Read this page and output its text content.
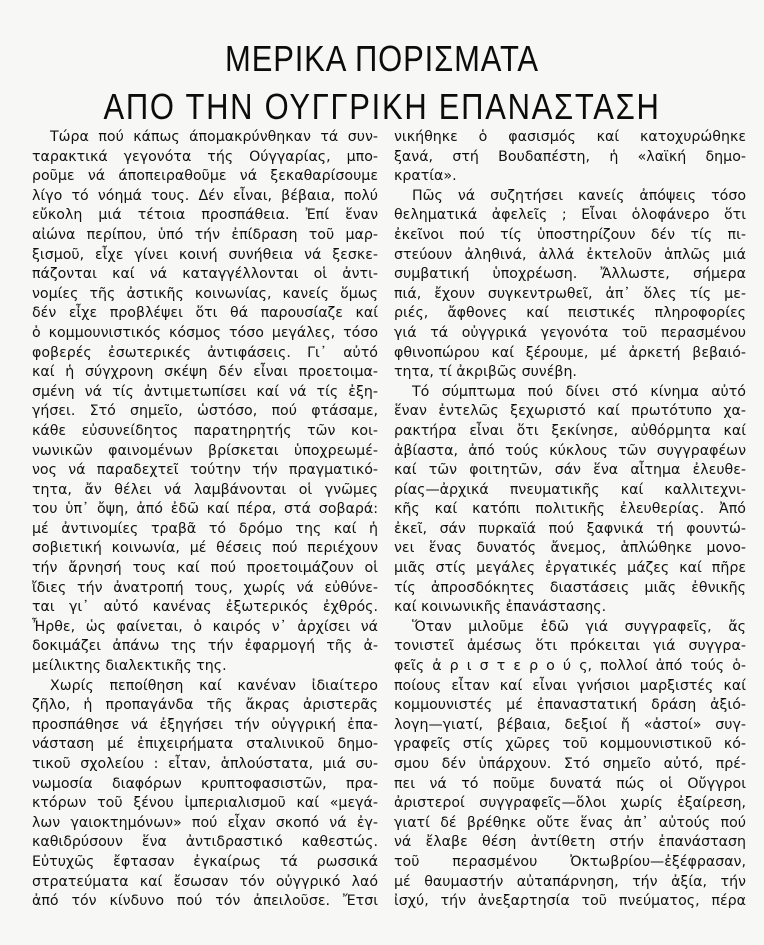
ΜΕΡΙΚΑ ΠΟΡΙΣΜΑΤΑ
ΑΠΟ ΤΗΝ ΟΥΓΓΡΙΚΗ ΕΠΑΝΑΣΤΑΣΗ
Τώρα πού κάπως άπομακρύνθηκαν τά συν-
ταρακτικά γεγονότα τής Ούγγαρίας, μπο-
ροῦμε νά άποπειραθοῦμε νά ξεκαθαρίσουμε
λίγο τό νόημά τους. Δέν εἶναι, βέβαια, πολύ
εὔκολη μιά τέτοια προσπάθεια. Ἐπί ἕναν
αἰώνα περίπου, ὑπό τήν ἐπίδραση τοῦ μαρ-
ξισμοῦ, εἶχε γίνει κοινή συνήθεια νά ξεσκε-
πάζονται καί νά καταγγέλλονται οἱ ἀντι-
νομίες τῆς ἀστικῆς κοινωνίας, κανείς ὅμως
δέν εἶχε προβλέψει ὅτι θά παρουσίαζε καί
ὁ κομμουνιστικός κόσμος τόσο μεγάλες, τόσο
φοβερές ἐσωτερικές ἀντιφάσεις. Γι᾿ αὐτό
καί ἡ σύγχρονη σκέψη δέν εἶναι προετοιμα-
σμένη νά τίς ἀντιμετωπίσει καί νά τίς ἐξη-
γήσει. Στό σημεῖο, ὡστόσο, πού φτάσαμε,
κάθε εὐσυνείδητος παρατηρητής τῶν κοι-
νωνικῶν φαινομένων βρίσκεται ὑποχρεωμέ-
νος νά παραδεχτεῖ τούτην τήν πραγματικό-
τητα, ἄν θέλει νά λαμβάνονται οἱ γνῶμες
του ὑπ᾿ ὄψη, ἀπό ἐδῶ καί πέρα, στά σοβαρά:
μέ ἀντινομίες τραβᾶ τό δρόμο της καί ἡ
σοβιετική κοινωνία, μέ θέσεις πού περιέχουν
τήν ἄρνησή τους καί πού προετοιμάζουν οἱ
ἴδιες τήν ἀνατροπή τους, χωρίς νά εὐθύνε-
ται γι᾿ αὐτό κανένας ἐξωτερικός ἐχθρός.
Ἦρθε, ὡς φαίνεται, ὁ καιρός ν᾿ ἀρχίσει νά
δοκιμάζει ἀπάνω της τήν ἐφαρμογή τῆς ἀ-
μείλικτης διαλεκτικῆς της.
Χωρίς πεποίθηση καί κανέναν ἰδιαίτερο
ζῆλο, ἡ προπαγάνδα τῆς ἄκρας ἀριστερᾶς
προσπάθησε νά ἐξηγήσει τήν οὐγγρική ἐπα-
νάσταση μέ ἐπιχειρήματα σταλινικοῦ δημο-
τικοῦ σχολείου : εἶταν, ἁπλούστατα, μιά συ-
νωμοσία διαφόρων κρυπτοφασιστῶν, πρα-
κτόρων τοῦ ξένου ἰμπεριαλισμοῦ καί «μεγά-
λων γαιοκτημόνων» πού εἶχαν σκοπό νά ἐγ-
καθιδρύσουν ἕνα ἀντιδραστικό καθεστώς.
Εὐτυχῶς ἔφτασαν ἐγκαίρως τά ρωσσικά
στρατεύματα καί ἔσωσαν τόν οὐγγρικό λαό
ἀπό τόν κίνδυνο πού τόν ἀπειλοῦσε. Ἔτσι
νικήθηκε ὁ φασισμός καί κατοχυρώθηκε
ξανά, στή Βουδαπέστη, ἡ «λαϊκή δημο-
κρατία».
Πῶς νά συζητήσει κανείς ἀπόψεις τόσο
θεληματικά ἀφελεῖς ; Εἶναι ὁλοφάνερο ὅτι
ἐκεῖνοι πού τίς ὑποστηρίζουν δέν τίς πι-
στεύουν ἀληθινά, ἀλλά ἐκτελοῦν ἁπλῶς μιά
συμβατική ὑποχρέωση. Ἄλλωστε, σήμερα
πιά, ἔχουν συγκεντρωθεῖ, ἀπ᾿ ὅλες τίς με-
ριές, ἄφθονες καί πειστικές πληροφορίες
γιά τά οὐγγρικά γεγονότα τοῦ περασμένου
φθινοπώρου καί ξέρουμε, μέ ἀρκετή βεβαιό-
τητα, τί ἀκριβῶς συνέβη.
Τό σύμπτωμα πού δίνει στό κίνημα αὐτό
ἕναν ἐντελῶς ξεχωριστό καί πρωτότυπο χα-
ρακτήρα εἶναι ὅτι ξεκίνησε, αὐθόρμητα καί
ἀβίαστα, ἀπό τούς κύκλους τῶν συγγραφέων
καί τῶν φοιτητῶν, σάν ἕνα αἶτημα ἐλευθε-
ρίας—ἀρχικά πνευματικῆς καί καλλιτεχνι-
κῆς καί κατόπι πολιτικῆς ἐλευθερίας. Ἀπό
ἐκεῖ, σάν πυρκαϊά πού ξαφνικά τή φουντώ-
νει ἕνας δυνατός ἄνεμος, ἁπλώθηκε μονο-
μιᾶς στίς μεγάλες ἐργατικές μάζες καί πῆρε
τίς ἀπροσδόκητες διαστάσεις μιᾶς ἐθνικῆς
καί κοινωνικῆς ἐπανάστασης.
Ὅταν μιλοῦμε ἐδῶ γιά συγγραφεῖς, ἄς
τονιστεῖ ἀμέσως ὅτι πρόκειται γιά συγγρα-
φεῖς ἀ ρ ι σ τ ε ρ ο ύ ς, πολλοί ἀπό τούς ὁ-
ποίους εἶταν καί εἶναι γνήσιοι μαρξιστές καί
κομμουνιστές μέ ἐπαναστατική δράση ἀξιό-
λογη—γιατί, βέβαια, δεξιοί ἤ «ἀστοί» συγ-
γραφεῖς στίς χῶρες τοῦ κομμουνιστικοῦ κό-
σμου δέν ὑπάρχουν. Στό σημεῖο αὐτό, πρέ-
πει νά τό ποῦμε δυνατά πώς οἱ Οὔγγροι
ἀριστεροί συγγραφεῖς—ὅλοι χωρίς ἐξαίρεση,
γιατί δέ βρέθηκε οὔτε ἕνας ἀπ᾿ αὐτούς πού
νά ἔλαβε θέση ἀντίθετη στήν ἐπανάσταση
τοῦ περασμένου Ὀκτωβρίου—ἐξέφρασαν,
μέ θαυμαστήν αὐταπάρνηση, τήν ἀξία, τήν
ἰσχύ, τήν ἀνεξαρτησία τοῦ πνεύματος, πέρα
